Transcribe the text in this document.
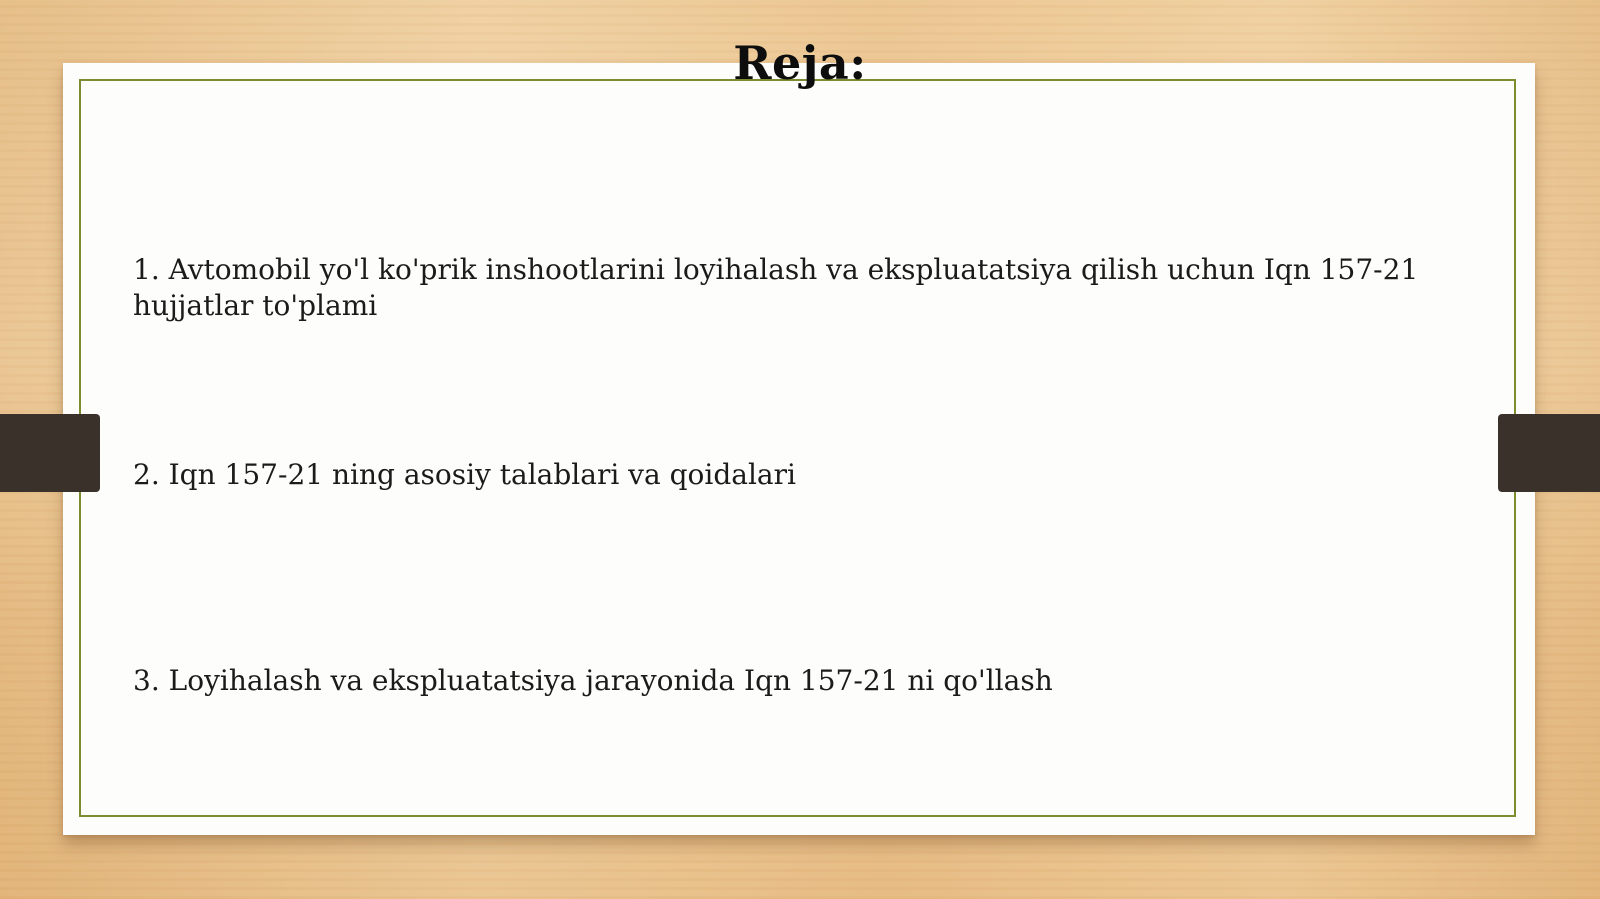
Reja:
1. Avtomobil yo'l ko'prik inshootlarini loyihalash va ekspluatatsiya qilish uchun Iqn 157-21 hujjatlar to'plami
2. Iqn 157-21 ning asosiy talablari va qoidalari
3. Loyihalash va ekspluatatsiya jarayonida Iqn 157-21 ni qo'llash
